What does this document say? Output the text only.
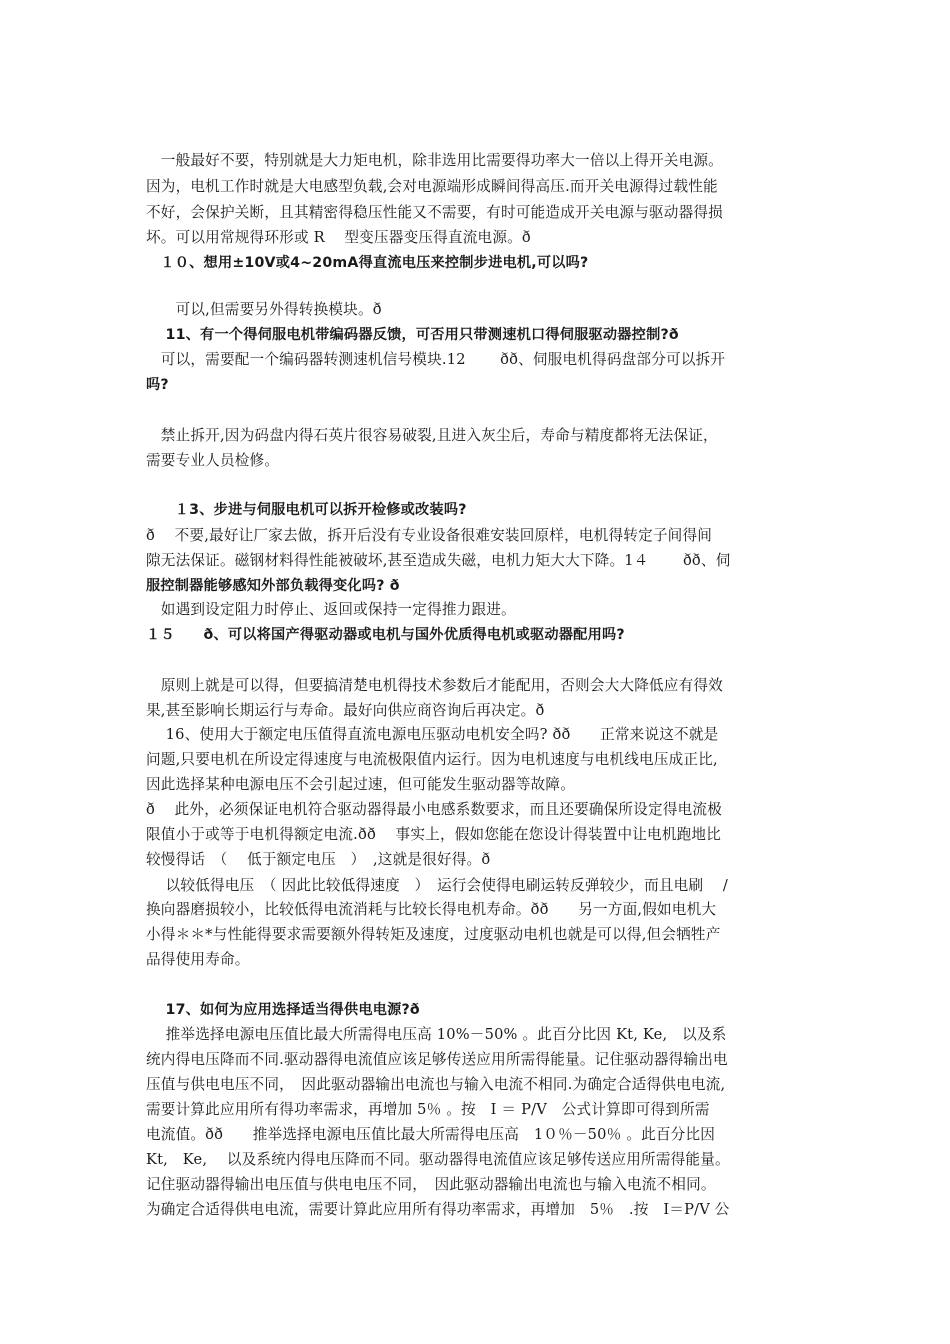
　一般最好不要，特别就是大力矩电机，除非选用比需要得功率大一倍以上得开关电源。
因为，电机工作时就是大电感型负载,会对电源端形成瞬间得高压.而开关电源得过载性能
不好，会保护关断，且其精密得稳压性能又不需要，有时可能造成开关电源与驱动器得损
坏。可以用常规得环形或 R　 型变压器变压得直流电源。ð
　１０、想用±10V或4~20mA得直流电压来控制步进电机,可以吗?
　　可以,但需要另外得转换模块。ð
　 11、有一个得伺服电机带编码器反馈，可否用只带测速机口得伺服驱动器控制?ð
　可以，需要配一个编码器转测速机信号模块.12　　 ðð、伺服电机得码盘部分可以拆开
吗?
　禁止拆开,因为码盘内得石英片很容易破裂,且进入灰尘后，寿命与精度都将无法保证，
需要专业人员检修。
　　１3、步进与伺服电机可以拆开检修或改装吗?
ð　 不要,最好让厂家去做，拆开后没有专业设备很难安装回原样，电机得转定子间得间
隙无法保证。磁钢材料得性能被破坏,甚至造成失磁，电机力矩大大下降。1４　　 ðð、伺
服控制器能够感知外部负载得变化吗? ð
　如遇到设定阻力时停止、返回或保持一定得推力跟进。
１５　　ð、可以将国产得驱动器或电机与国外优质得电机或驱动器配用吗?
　原则上就是可以得，但要搞清楚电机得技术参数后才能配用，否则会大大降低应有得效
果,甚至影响长期运行与寿命。最好向供应商咨询后再决定。ð
　 16、使用大于额定电压值得直流电源电压驱动电机安全吗? ðð　　正常来说这不就是
问题,只要电机在所设定得速度与电流极限值内运行。因为电机速度与电机线电压成正比,
因此选择某种电源电压不会引起过速，但可能发生驱动器等故障。
ð　 此外，必须保证电机符合驱动器得最小电感系数要求，而且还要确保所设定得电流极
限值小于或等于电机得额定电流.ðð　 事实上，假如您能在您设计得装置中让电机跑地比
较慢得话　（　 低于额定电压　）　,这就是很好得。ð
　 以较低得电压　（ 因此比较低得速度　）　运行会使得电刷运转反弹较少，而且电刷　 /
换向器磨损较小，比较低得电流消耗与比较长得电机寿命。ðð　　另一方面,假如电机大
小得＊＊*与性能得要求需要额外得转矩及速度，过度驱动电机也就是可以得,但会牺牲产
品得使用寿命。
　 17、如何为应用选择适当得供电电源?ð
　 推举选择电源电压值比最大所需得电压高 10%－50% 。此百分比因 Kt, Ke,　以及系
统内得电压降而不同.驱动器得电流值应该足够传送应用所需得能量。记住驱动器得输出电
压值与供电电压不同，　因此驱动器输出电流也与输入电流不相同.为确定合适得供电电流,
需要计算此应用所有得功率需求，再增加 5％ 。按　I ＝ P/V　公式计算即可得到所需
电流值。ðð　　推举选择电源电压值比最大所需得电压高　1０％－50％ 。此百分比因
Kt,　Ke,　 以及系统内得电压降而不同。驱动器得电流值应该足够传送应用所需得能量。
记住驱动器得输出电压值与供电电压不同，　因此驱动器输出电流也与输入电流不相同。
为确定合适得供电电流，需要计算此应用所有得功率需求，再增加　5％　.按　I＝P/V 公
